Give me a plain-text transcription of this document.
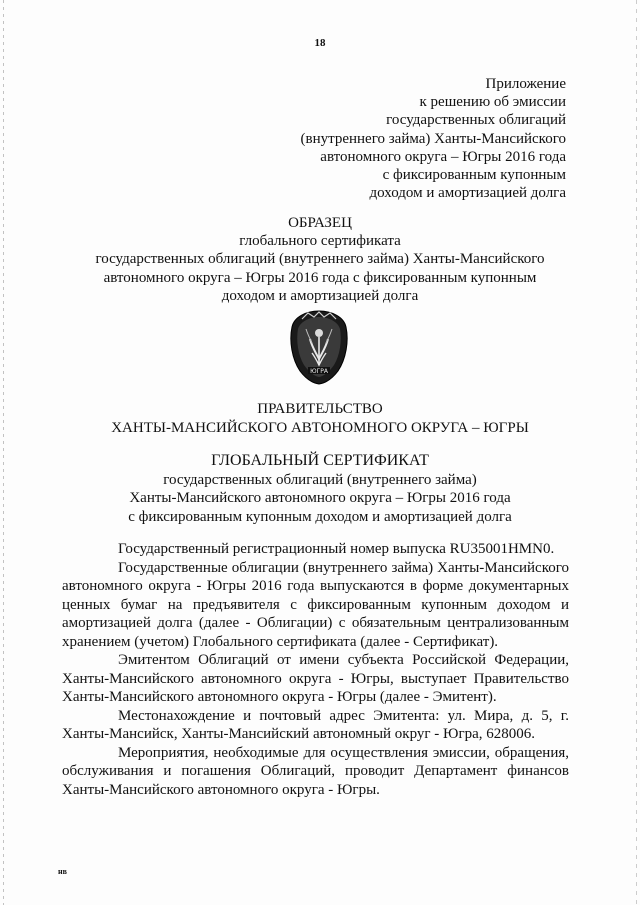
18
Приложение
к решению об эмиссии
государственных облигаций
(внутреннего займа) Ханты-Мансийского
автономного округа – Югры 2016 года
с фиксированным купонным
доходом и амортизацией долга
ОБРАЗЕЦ
глобального сертификата
государственных облигаций (внутреннего займа) Ханты-Мансийского
автономного округа – Югры 2016 года с фиксированным купонным
доходом и амортизацией долга
ЮГРА
ПРАВИТЕЛЬСТВО
ХАНТЫ-МАНСИЙСКОГО АВТОНОМНОГО ОКРУГА – ЮГРЫ
ГЛОБАЛЬНЫЙ СЕРТИФИКАТ
государственных облигаций (внутреннего займа)
Ханты-Мансийского автономного округа – Югры 2016 года
с фиксированным купонным доходом и амортизацией долга

Государственный регистрационный номер выпуска RU35001HMN0.

Государственные облигации (внутреннего займа) Ханты-Мансийского автономного округа - Югры 2016 года выпускаются в форме документарных ценных бумаг на предъявителя с фиксированным купонным доходом и амортизацией долга (далее - Облигации) с обязательным централизованным хранением (учетом) Глобального сертификата (далее - Сертификат).

Эмитентом Облигаций от имени субъекта Российской Федерации, Ханты-Мансийского автономного округа - Югры, выступает Правительство Ханты-Мансийского автономного округа - Югры (далее - Эмитент).

Местонахождение и почтовый адрес Эмитента: ул. Мира, д. 5, г. Ханты-Мансийск, Ханты-Мансийский автономный округ - Югра, 628006.

Мероприятия, необходимые для осуществления эмиссии, обращения, обслуживания и погашения Облигаций, проводит Департамент финансов Ханты-Мансийского автономного округа - Югры.

нв
